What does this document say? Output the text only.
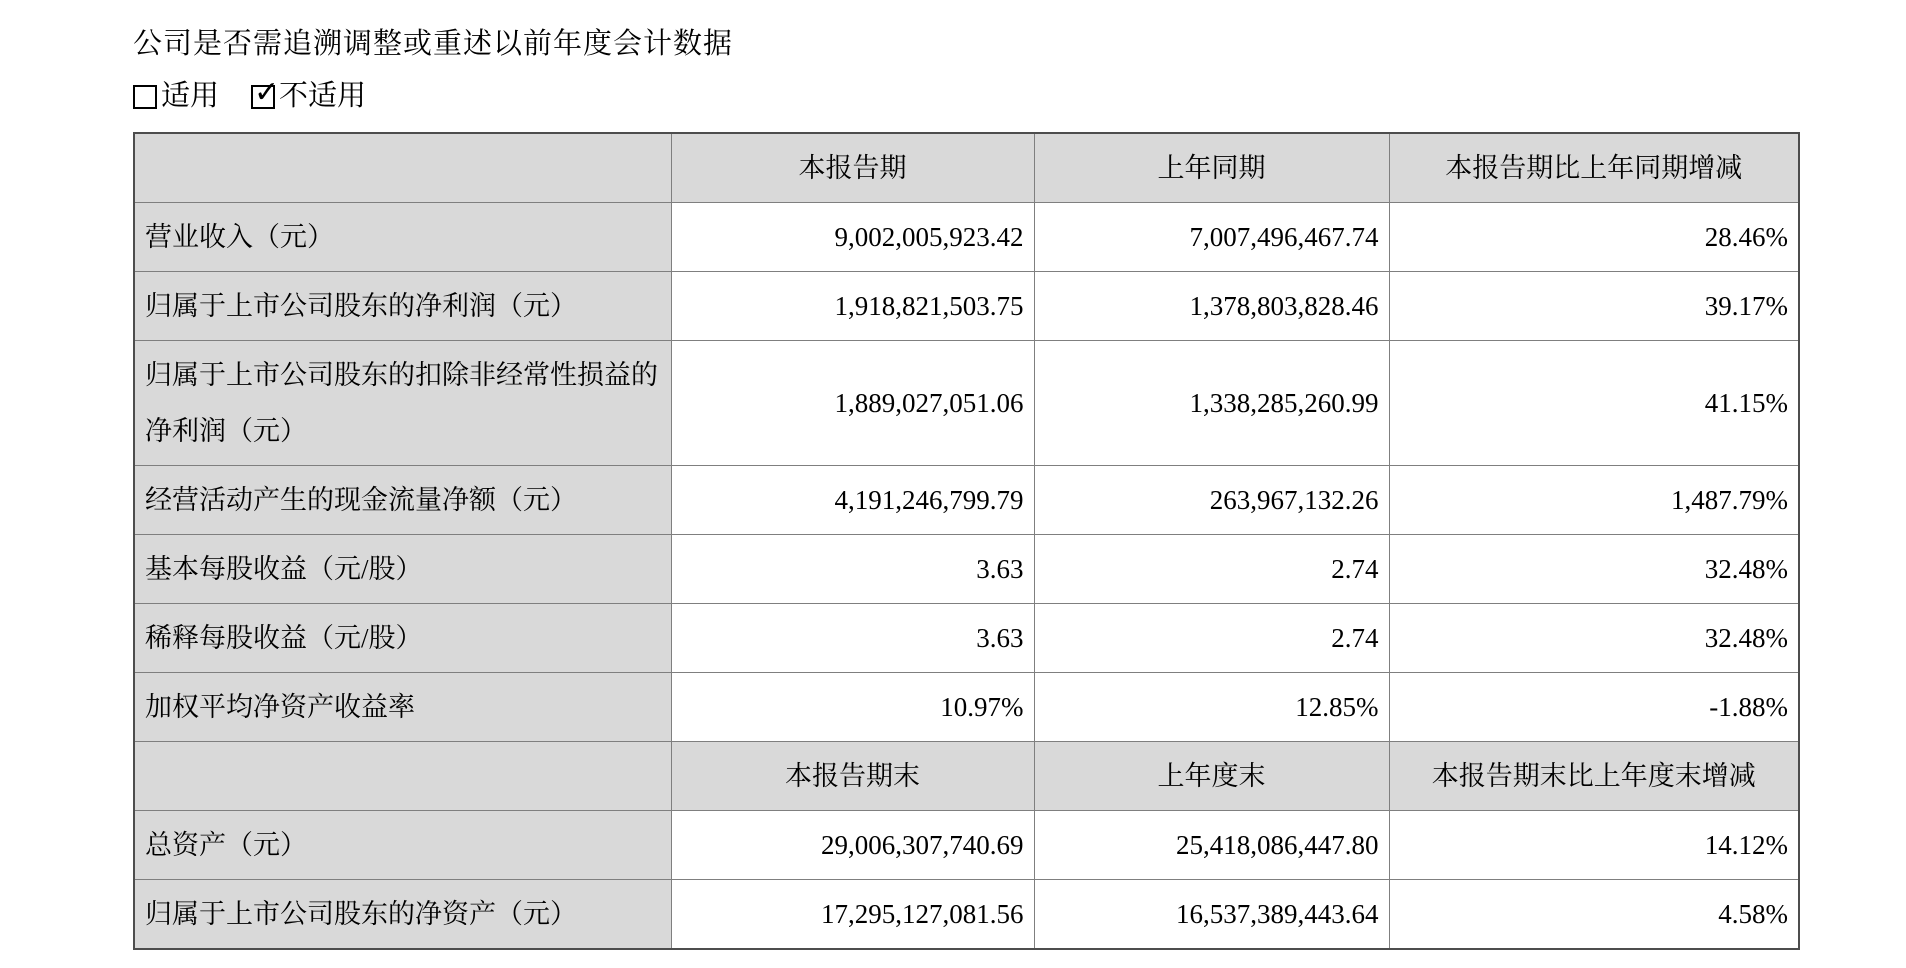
公司是否需追溯调整或重述以前年度会计数据

适用 ✓ 不适用
	本报告期	上年同期	本报告期比上年同期增减
营业收入（元）	9,002,005,923.42	7,007,496,467.74	28.46%
归属于上市公司股东的净利润（元）	1,918,821,503.75	1,378,803,828.46	39.17%
归属于上市公司股东的扣除非经常性损益的净利润（元）	1,889,027,051.06	1,338,285,260.99	41.15%
经营活动产生的现金流量净额（元）	4,191,246,799.79	263,967,132.26	1,487.79%
基本每股收益（元/股）	3.63	2.74	32.48%
稀释每股收益（元/股）	3.63	2.74	32.48%
加权平均净资产收益率	10.97%	12.85%	-1.88%
	本报告期末	上年度末	本报告期末比上年度末增减
总资产（元）	29,006,307,740.69	25,418,086,447.80	14.12%
归属于上市公司股东的净资产（元）	17,295,127,081.56	16,537,389,443.64	4.58%
